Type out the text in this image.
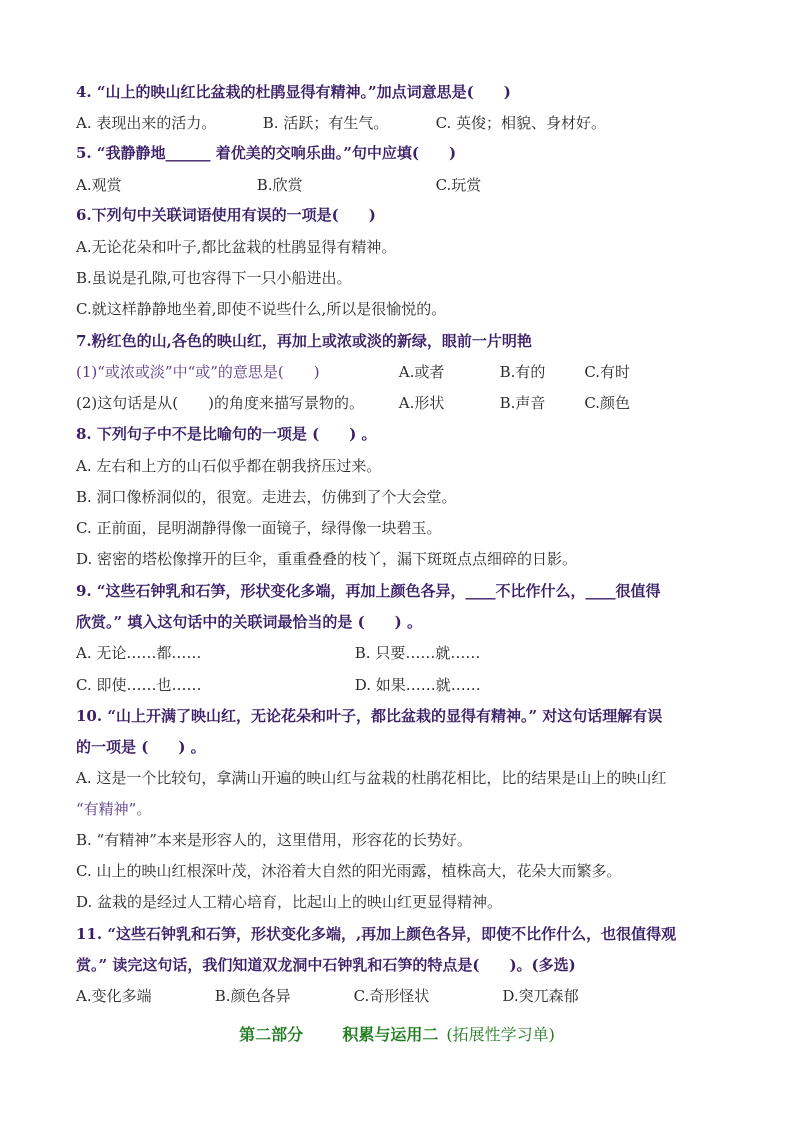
4. “山上的映山红比盆栽的杜鹃显得有精神。”加点词意思是(　　)
A. 表现出来的活力。	B. 活跃；有生气。	C. 英俊；相貌、身材好。
5. “我静静地______ 着优美的交响乐曲。”句中应填(　　)
A.观赏	B.欣赏	C.玩赏
6.下列句中关联词语使用有误的一项是(　　)
A.无论花朵和叶子,都比盆栽的杜鹃显得有精神。
B.虽说是孔隙,可也容得下一只小船进出。
C.就这样静静地坐着,即使不说些什么,所以是很愉悦的。
7.粉红色的山,各色的映山红，再加上或浓或淡的新绿，眼前一片明艳
(1)“或浓或淡”中“或”的意思是(　　)	A.或者	B.有的	C.有时
(2)这句话是从(　　)的角度来描写景物的。 A.形状	B.声音	C.颜色
8. 下列句子中不是比喻句的一项是 (　　) 。
A. 左右和上方的山石似乎都在朝我挤压过来。
B. 洞口像桥洞似的，很宽。走进去，仿佛到了个大会堂。
C. 正前面，昆明湖静得像一面镜子，绿得像一块碧玉。
D. 密密的塔松像撑开的巨伞，重重叠叠的枝丫，漏下斑斑点点细碎的日影。
9. “这些石钟乳和石笋，形状变化多端，再加上颜色各异，____不比作什么，____很值得
欣赏。” 填入这句话中的关联词最恰当的是 (　　) 。
A. 无论……都……	B. 只要……就……
C. 即使……也……	D. 如果……就……
10. “山上开满了映山红，无论花朵和叶子，都比盆栽的显得有精神。” 对这句话理解有误
的一项是 (　　) 。
A. 这是一个比较句，拿满山开遍的映山红与盆栽的杜鹃花相比，比的结果是山上的映山红
“有精神”。
B. “有精神”本来是形容人的，这里借用，形容花的长势好。
C. 山上的映山红根深叶茂，沐浴着大自然的阳光雨露，植株高大，花朵大而繁多。
D. 盆栽的是经过人工精心培育，比起山上的映山红更显得精神。
11. “这些石钟乳和石笋，形状变化多端，,再加上颜色各异，即使不比作什么，也很值得观
赏。” 读完这句话，我们知道双龙洞中石钟乳和石笋的特点是(　　)。(多选)
A.变化多端	B.颜色各异	C.奇形怪状	D.突兀森郁
第二部分 积累与运用二 (拓展性学习单)
